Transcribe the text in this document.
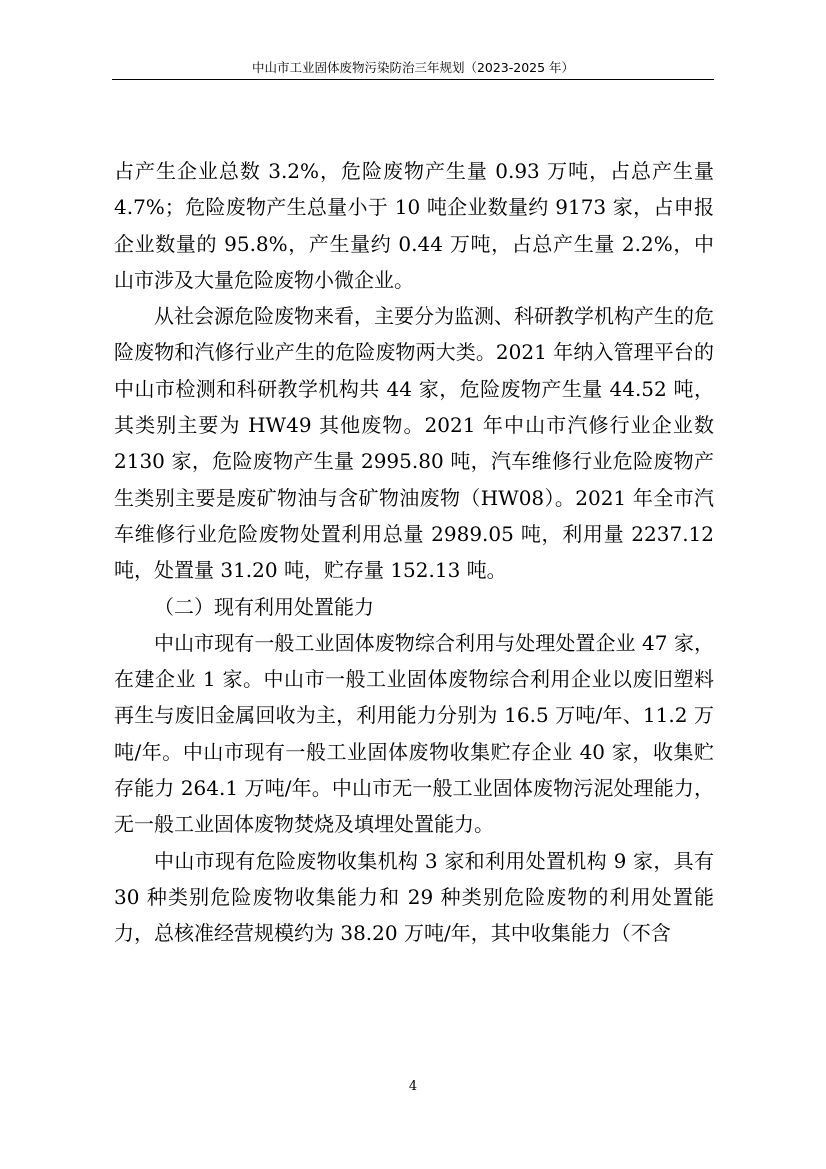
中山市工业固体废物污染防治三年规划（2023-2025 年）

占产生企业总数 3.2%，危险废物产生量 0.93 万吨，占总产生量 4.7%；危险废物产生总量小于 10 吨企业数量约 9173 家，占申报企业数量的 95.8%，产生量约 0.44 万吨，占总产生量 2.2%，中山市涉及大量危险废物小微企业。

从社会源危险废物来看，主要分为监测、科研教学机构产生的危险废物和汽修行业产生的危险废物两大类。2021 年纳入管理平台的中山市检测和科研教学机构共 44 家，危险废物产生量 44.52 吨，其类别主要为 HW49 其他废物。2021 年中山市汽修行业企业数 2130 家，危险废物产生量 2995.80 吨，汽车维修行业危险废物产生类别主要是废矿物油与含矿物油废物（HW08）。2021 年全市汽车维修行业危险废物处置利用总量 2989.05 吨，利用量 2237.12 吨，处置量 31.20 吨，贮存量 152.13 吨。

（二）现有利用处置能力

中山市现有一般工业固体废物综合利用与处理处置企业 47 家，在建企业 1 家。中山市一般工业固体废物综合利用企业以废旧塑料再生与废旧金属回收为主，利用能力分别为 16.5 万吨/年、11.2 万吨/年。中山市现有一般工业固体废物收集贮存企业 40 家，收集贮存能力 264.1 万吨/年。中山市无一般工业固体废物污泥处理能力，无一般工业固体废物焚烧及填埋处置能力。

中山市现有危险废物收集机构 3 家和利用处置机构 9 家，具有 30 种类别危险废物收集能力和 29 种类别危险废物的利用处置能力，总核准经营规模约为 38.20 万吨/年，其中收集能力（不含

4
